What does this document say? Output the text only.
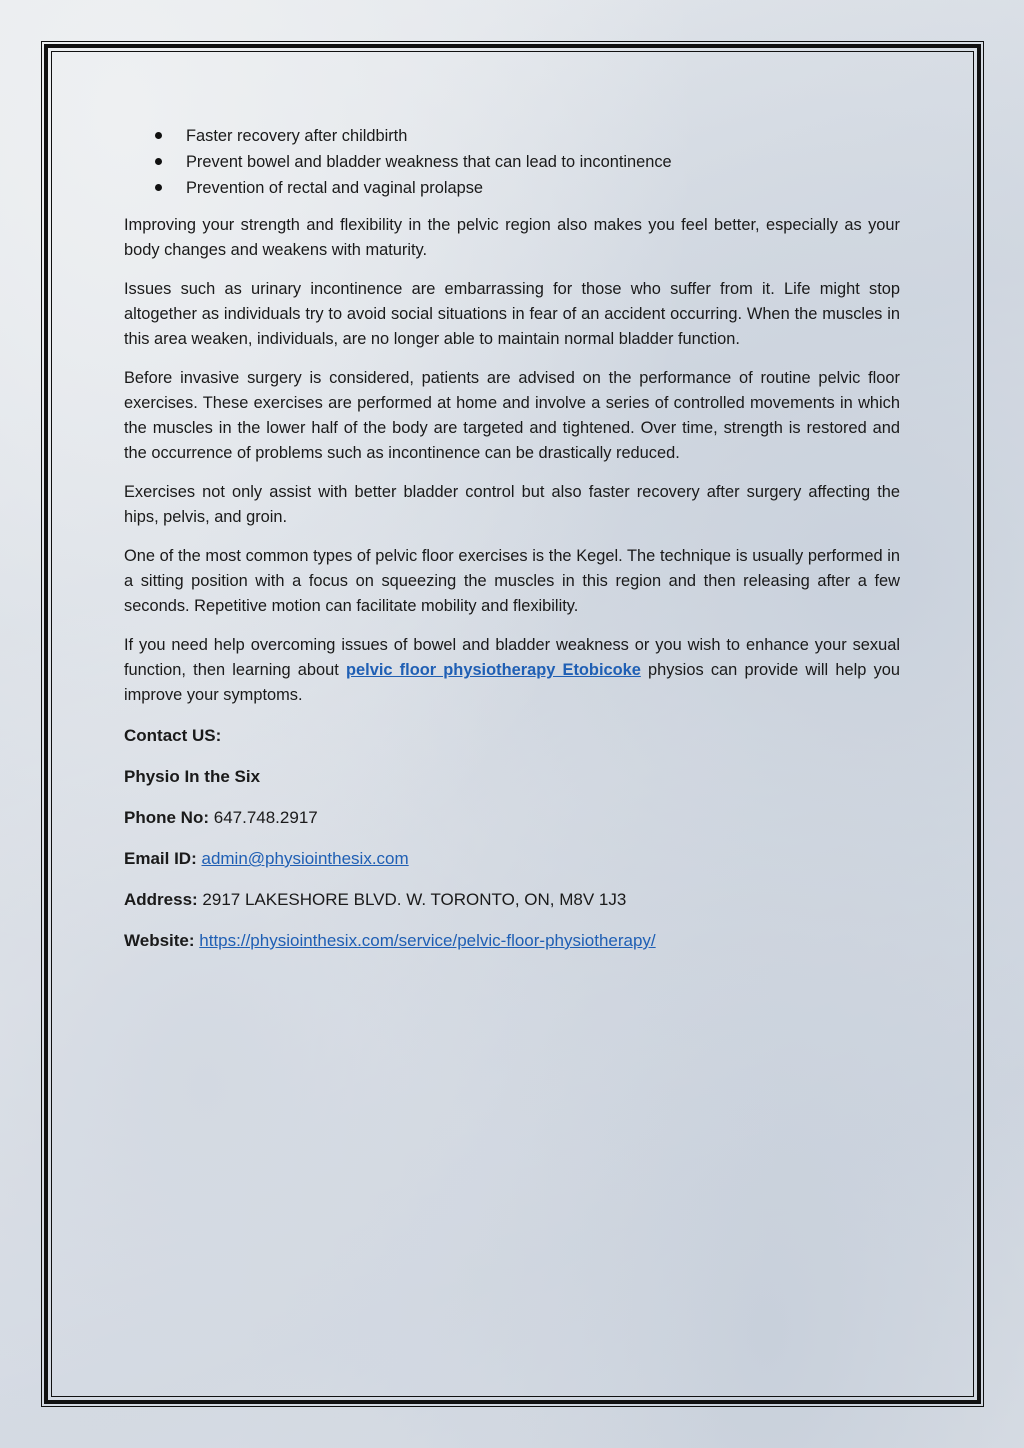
Faster recovery after childbirth
Prevent bowel and bladder weakness that can lead to incontinence
Prevention of rectal and vaginal prolapse

Improving your strength and flexibility in the pelvic region also makes you feel better, especially as your body changes and weakens with maturity.

Issues such as urinary incontinence are embarrassing for those who suffer from it. Life might stop altogether as individuals try to avoid social situations in fear of an accident occurring. When the muscles in this area weaken, individuals, are no longer able to maintain normal bladder function.

Before invasive surgery is considered, patients are advised on the performance of routine pelvic floor exercises. These exercises are performed at home and involve a series of controlled movements in which the muscles in the lower half of the body are targeted and tightened. Over time, strength is restored and the occurrence of problems such as incontinence can be drastically reduced.

Exercises not only assist with better bladder control but also faster recovery after surgery affecting the hips, pelvis, and groin.

One of the most common types of pelvic floor exercises is the Kegel. The technique is usually performed in a sitting position with a focus on squeezing the muscles in this region and then releasing after a few seconds. Repetitive motion can facilitate mobility and flexibility.

If you need help overcoming issues of bowel and bladder weakness or you wish to enhance your sexual function, then learning about pelvic floor physiotherapy Etobicoke physios can provide will help you improve your symptoms.

Contact US:
Physio In the Six
Phone No: 647.748.2917
Email ID: admin@physiointhesix.com
Address: 2917 LAKESHORE BLVD. W. TORONTO, ON, M8V 1J3
Website: https://physiointhesix.com/service/pelvic-floor-physiotherapy/
